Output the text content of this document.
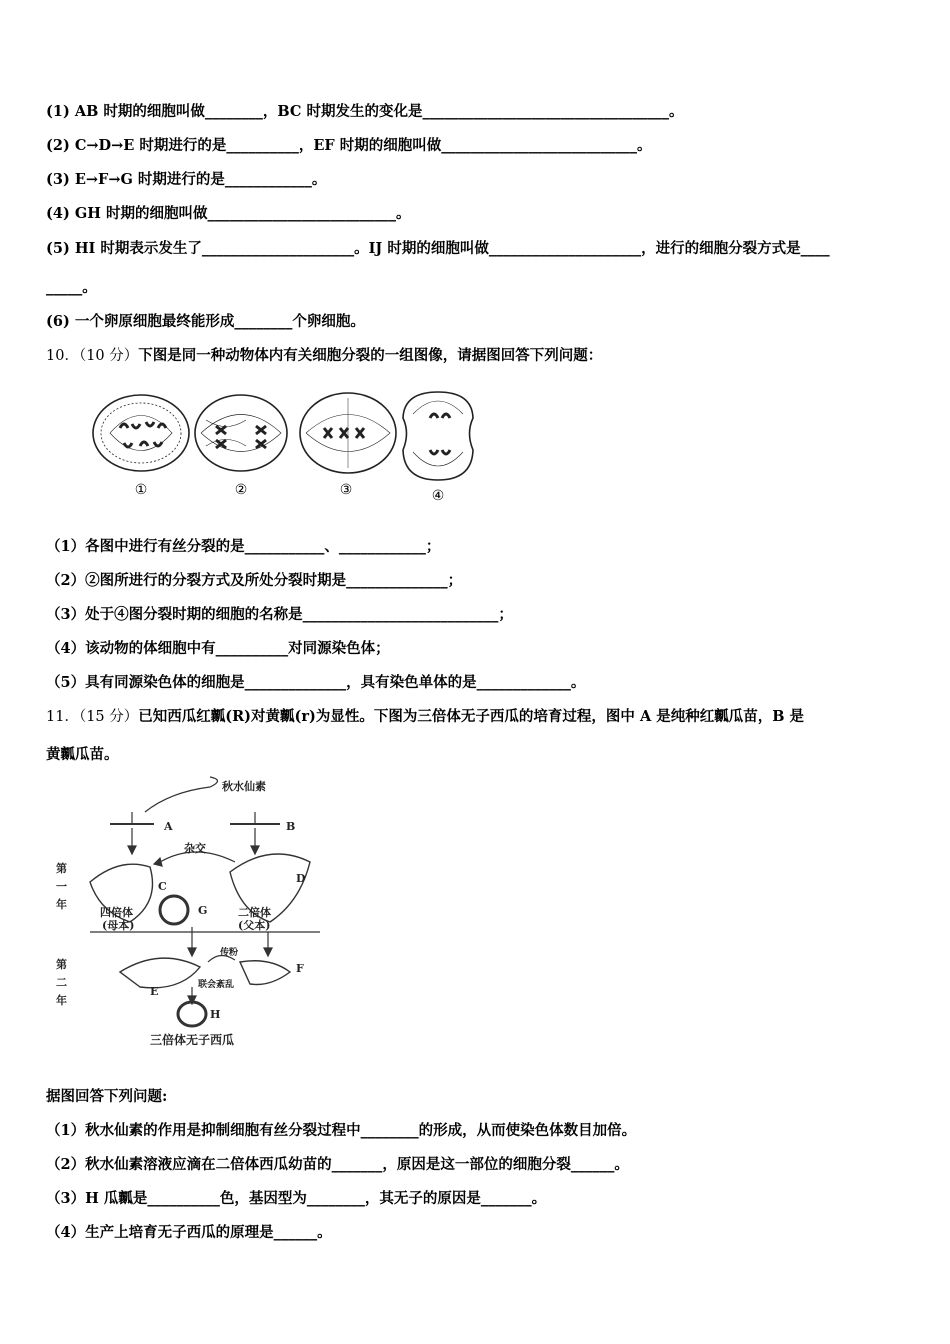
(1) AB 时期的细胞叫做________，BC 时期发生的变化是__________________________________。
(2) C→D→E 时期进行的是__________，EF 时期的细胞叫做___________________________。
(3) E→F→G 时期进行的是____________。
(4) GH 时期的细胞叫做__________________________。
(5) HI 时期表示发生了_____________________。IJ 时期的细胞叫做_____________________，进行的细胞分裂方式是____
_____。
(6) 一个卵原细胞最终能形成________个卵细胞。
10．（10 分）下图是同一种动物体内有关细胞分裂的一组图像，请据图回答下列问题：
①	②	③	④
（1）各图中进行有丝分裂的是___________、____________；
（2）②图所进行的分裂方式及所处分裂时期是______________；
（3）处于④图分裂时期的细胞的名称是___________________________；
（4）该动物的体细胞中有__________对同源染色体；
（5）具有同源染色体的细胞是______________，具有染色单体的是_____________。
11．（15 分）已知西瓜红瓤(R)对黄瓤(r)为显性。下图为三倍体无子西瓜的培育过程，图中 A 是纯种红瓤瓜苗，B 是
黄瓤瓜苗。
秋水仙素
A	B
杂交
C
D
G
四倍体
(母本)
二倍体
(父本)
传粉
E
F
联会紊乱
H
三倍体无子西瓜
第
一
年
第
二
年
据图回答下列问题:
（1）秋水仙素的作用是抑制细胞有丝分裂过程中________的形成，从而使染色体数目加倍。
（2）秋水仙素溶液应滴在二倍体西瓜幼苗的_______，原因是这一部位的细胞分裂______。
（3）H 瓜瓤是__________色，基因型为________，其无子的原因是_______。
（4）生产上培育无子西瓜的原理是______。
